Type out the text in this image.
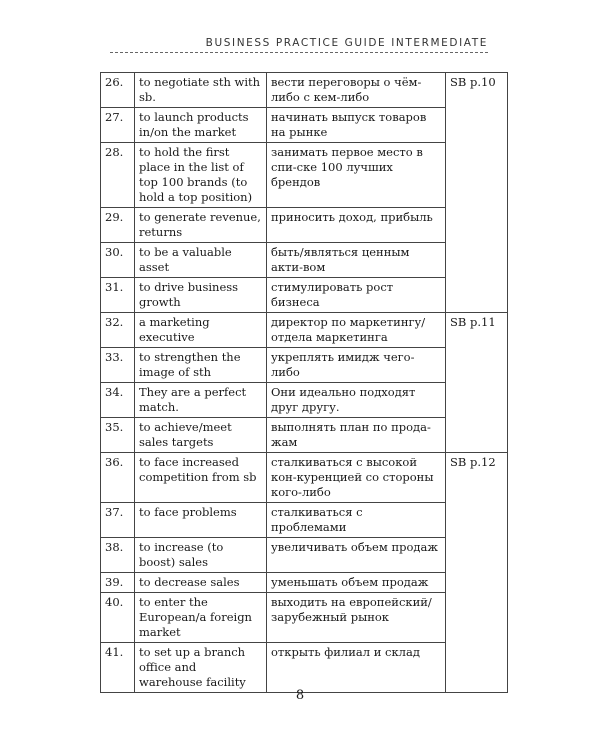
BUSINESS PRACTICE GUIDE INTERMEDIATE
26.	to negotiate sth with sb.	вести переговоры о чём-либо с кем-либо	SB p.10
27.	to launch products in/on the market	начинать выпуск товаров на рынке	
28.	to hold the first place in the list of top 100 brands (to hold a top position)	занимать первое место в спи-ске 100 лучших брендов	
29.	to generate revenue, returns	приносить доход, прибыль	
30.	to be a valuable asset	быть/являться ценным акти-вом	
31.	to drive business growth	стимулировать рост бизнеса	
32.	a marketing executive	директор по маркетингу/ отдела маркетинга	SB p.11
33.	to strengthen the image of sth	укреплять имидж чего-либо	
34.	They are a perfect match.	Они идеально подходят друг другу.	
35.	to achieve/meet sales targets	выполнять план по прода-жам	
36.	to face increased competition from sb	сталкиваться с высокой кон-куренцией со стороны кого-либо	SB p.12
37.	to face problems	сталкиваться с проблемами	
38.	to increase (to boost) sales	увеличивать объем продаж	
39.	to decrease sales	уменьшать объем продаж	
40.	to enter the European/a foreign market	выходить на европейский/ зарубежный рынок	
41.	to set up a branch office and warehouse facility	открыть филиал и склад	
8
